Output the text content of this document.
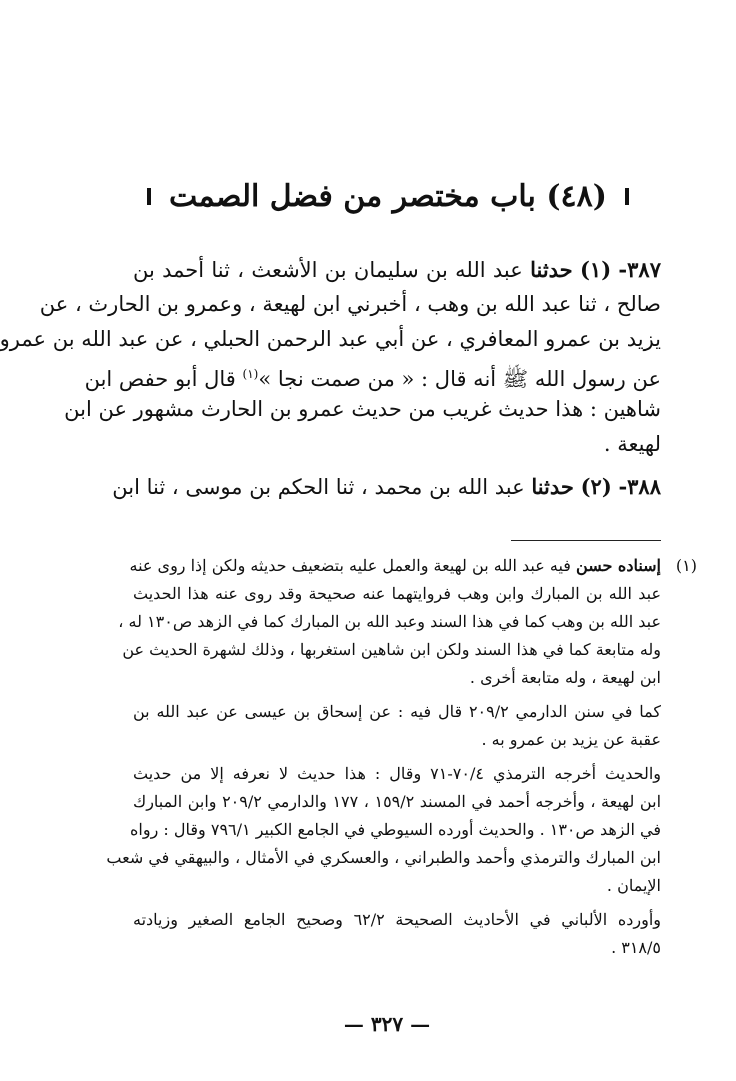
(٤٨) باب مختصر من فضل الصمت
٣٨٧- (١) حدثنا عبد الله بن سليمان بن الأشعث ، ثنا أحمد بن
صالح ، ثنا عبد الله بن وهب ، أخبرني ابن لهيعة ، وعمرو بن الحارث ، عن
يزيد بن عمرو المعافري ، عن أبي عبد الرحمن الحبلي ، عن عبد الله بن عمرو
عن رسول الله ﷺ أنه قال : « من صمت نجا »$^{(١)}$ قال أبو حفص ابن
شاهين : هذا حديث غريب من حديث عمرو بن الحارث مشهور عن ابن
لهيعة .
٣٨٨- (٢) حدثنا عبد الله بن محمد ، ثنا الحكم بن موسى ، ثنا ابن
(١)
إسناده حسن فيه عبد الله بن لهيعة والعمل عليه بتضعيف حديثه ولكن إذا روى عنه
عبد الله بن المبارك وابن وهب فروايتهما عنه صحيحة وقد روى عنه هذا الحديث
عبد الله بن وهب كما في هذا السند وعبد الله بن المبارك كما في الزهد ص١٣٠ له ،
وله متابعة كما في هذا السند ولكن ابن شاهين استغربها ، وذلك لشهرة الحديث عن
ابن لهيعة ، وله متابعة أخرى .
كما في سنن الدارمي ٢٠٩/٢ قال فيه : عن إسحاق بن عيسى عن عبد الله بن
عقبة عن يزيد بن عمرو به .
والحديث أخرجه الترمذي ٧٠/٤-٧١ وقال : هذا حديث لا نعرفه إلا من حديث
ابن لهيعة ، وأخرجه أحمد في المسند ١٥٩/٢ ، ١٧٧ والدارمي ٢٠٩/٢ وابن المبارك
في الزهد ص١٣٠ . والحديث أورده السيوطي في الجامع الكبير ٧٩٦/١ وقال : رواه
ابن المبارك والترمذي وأحمد والطبراني ، والعسكري في الأمثال ، والبيهقي في شعب
الإيمان .
وأورده الألباني في الأحاديث الصحيحة ٦٢/٢ وصحيح الجامع الصغير وزيادته
٣١٨/٥ .
— ٣٢٧ —
